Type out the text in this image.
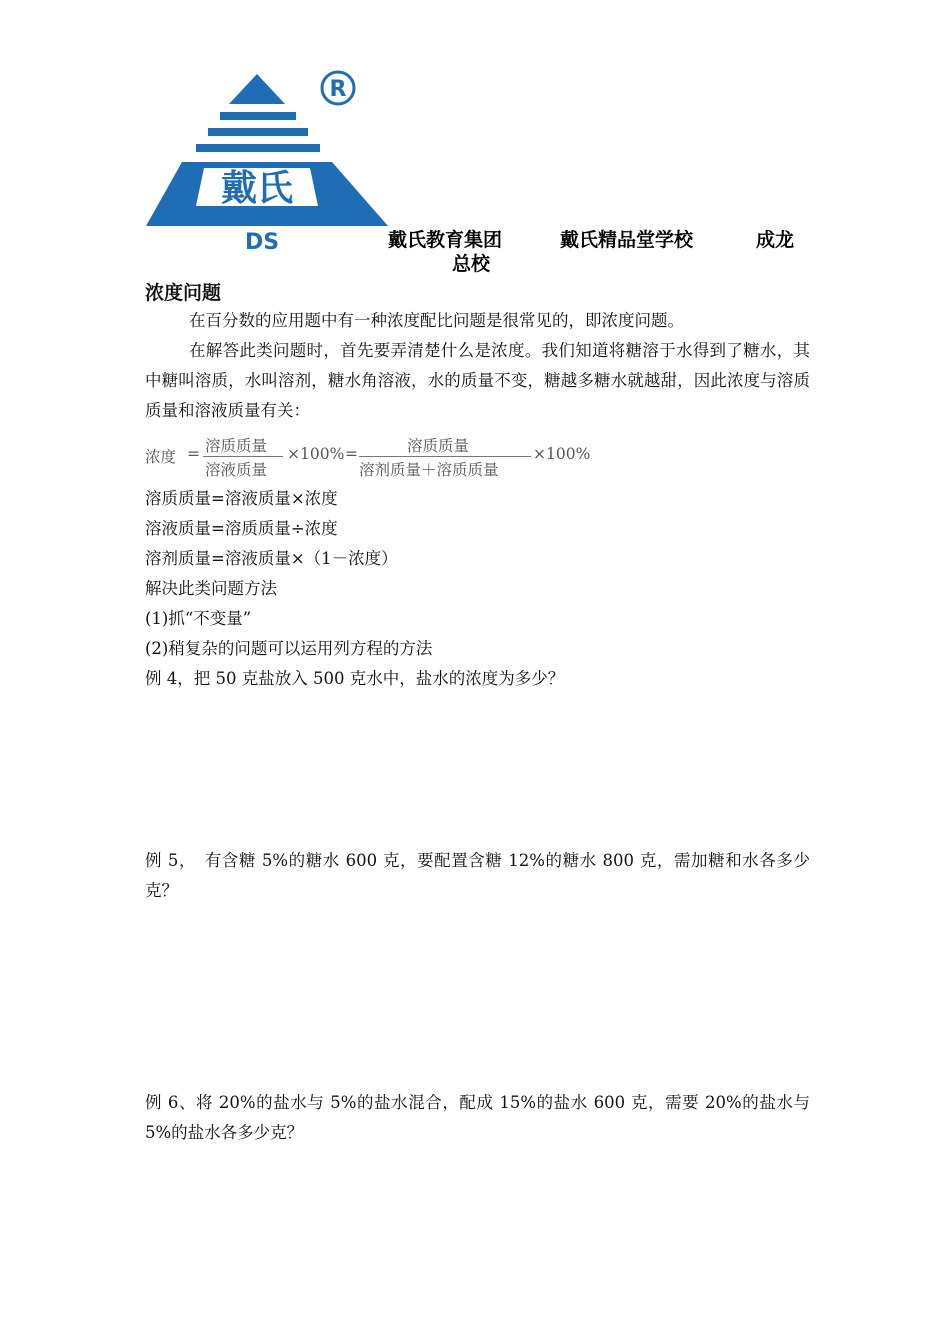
戴氏
DS
R
戴氏教育集团	戴氏精品堂学校	成龙
总校
浓度问题
在百分数的应用题中有一种浓度配比问题是很常见的，即浓度问题。
在解答此类问题时，首先要弄清楚什么是浓度。我们知道将糖溶于水得到了糖水，其中糖叫溶质，水叫溶剂，糖水角溶液，水的质量不变，糖越多糖水就越甜，因此浓度与溶质质量和溶液质量有关：
浓度 = 溶质质量
溶液质量
×100% =	溶质质量
溶剂质量＋溶质质量
×100%
溶质质量=溶液质量×浓度
溶液质量=溶质质量÷浓度
溶剂质量=溶液质量×（1－浓度）
解决此类问题方法
(1)抓“不变量”
(2)稍复杂的问题可以运用列方程的方法
例 4，把 50 克盐放入 500 克水中，盐水的浓度为多少？
例 5，　有含糖 5%的糖水 600 克，要配置含糖 12%的糖水 800 克，需加糖和水各多少克？
例 6、将 20%的盐水与 5%的盐水混合，配成 15%的盐水 600 克，需要 20%的盐水与 5%的盐水各多少克？
